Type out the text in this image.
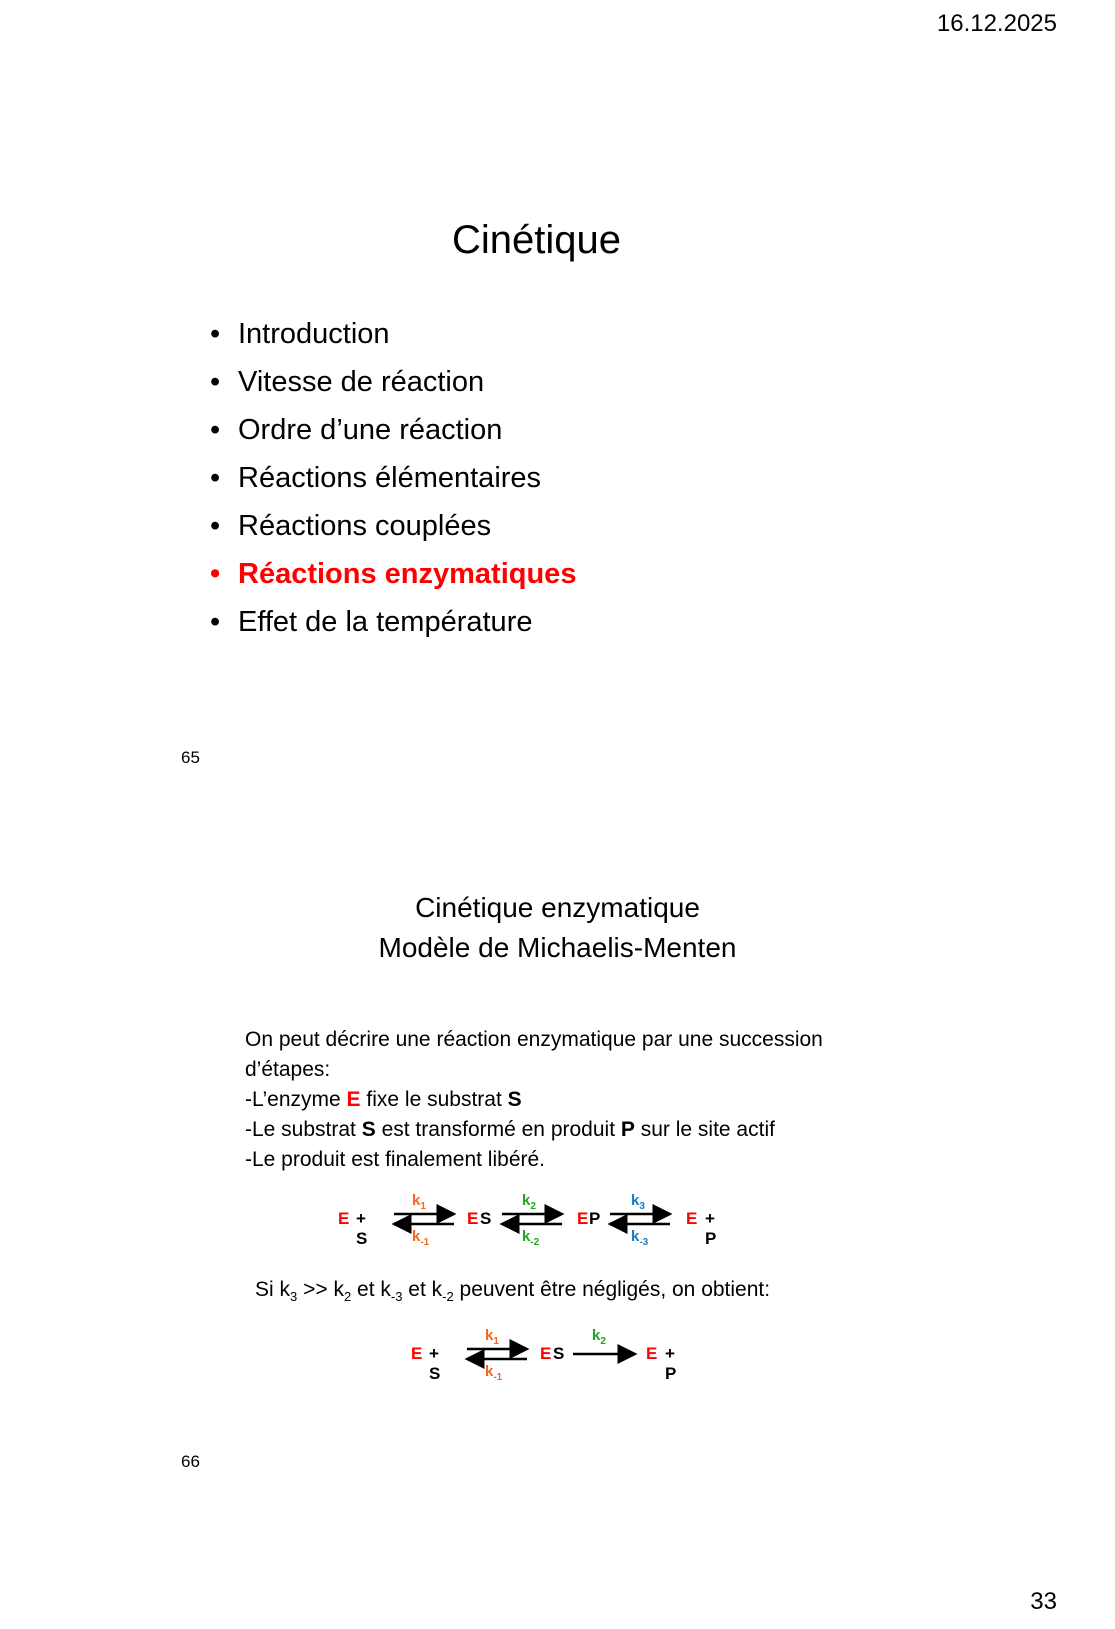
16.12.2025
Cinétique
• Introduction
• Vitesse de réaction
• Ordre d’une réaction
• Réactions élémentaires
• Réactions couplées
• Réactions enzymatiques
• Effet de la température
65
Cinétique enzymatique
Modèle de Michaelis-Menten
On peut décrire une réaction enzymatique par une succession
d’étapes:
-L’enzyme E fixe le substrat S
-Le substrat S est transformé en produit P sur le site actif
-Le produit est finalement libéré.
E + S
$k_1$
$k_{-1}$
E S
$k_2$
$k_{-2}$
E P
$k_3$
$k_{-3}$
E + P
Si $k_3 >> k_2$ et $k_{-3}$ et $k_{-2}$ peuvent être négligés, on obtient:
E + S
$k_1$
$k_{-1}$
E S
$k_2$
E + P
66
33
